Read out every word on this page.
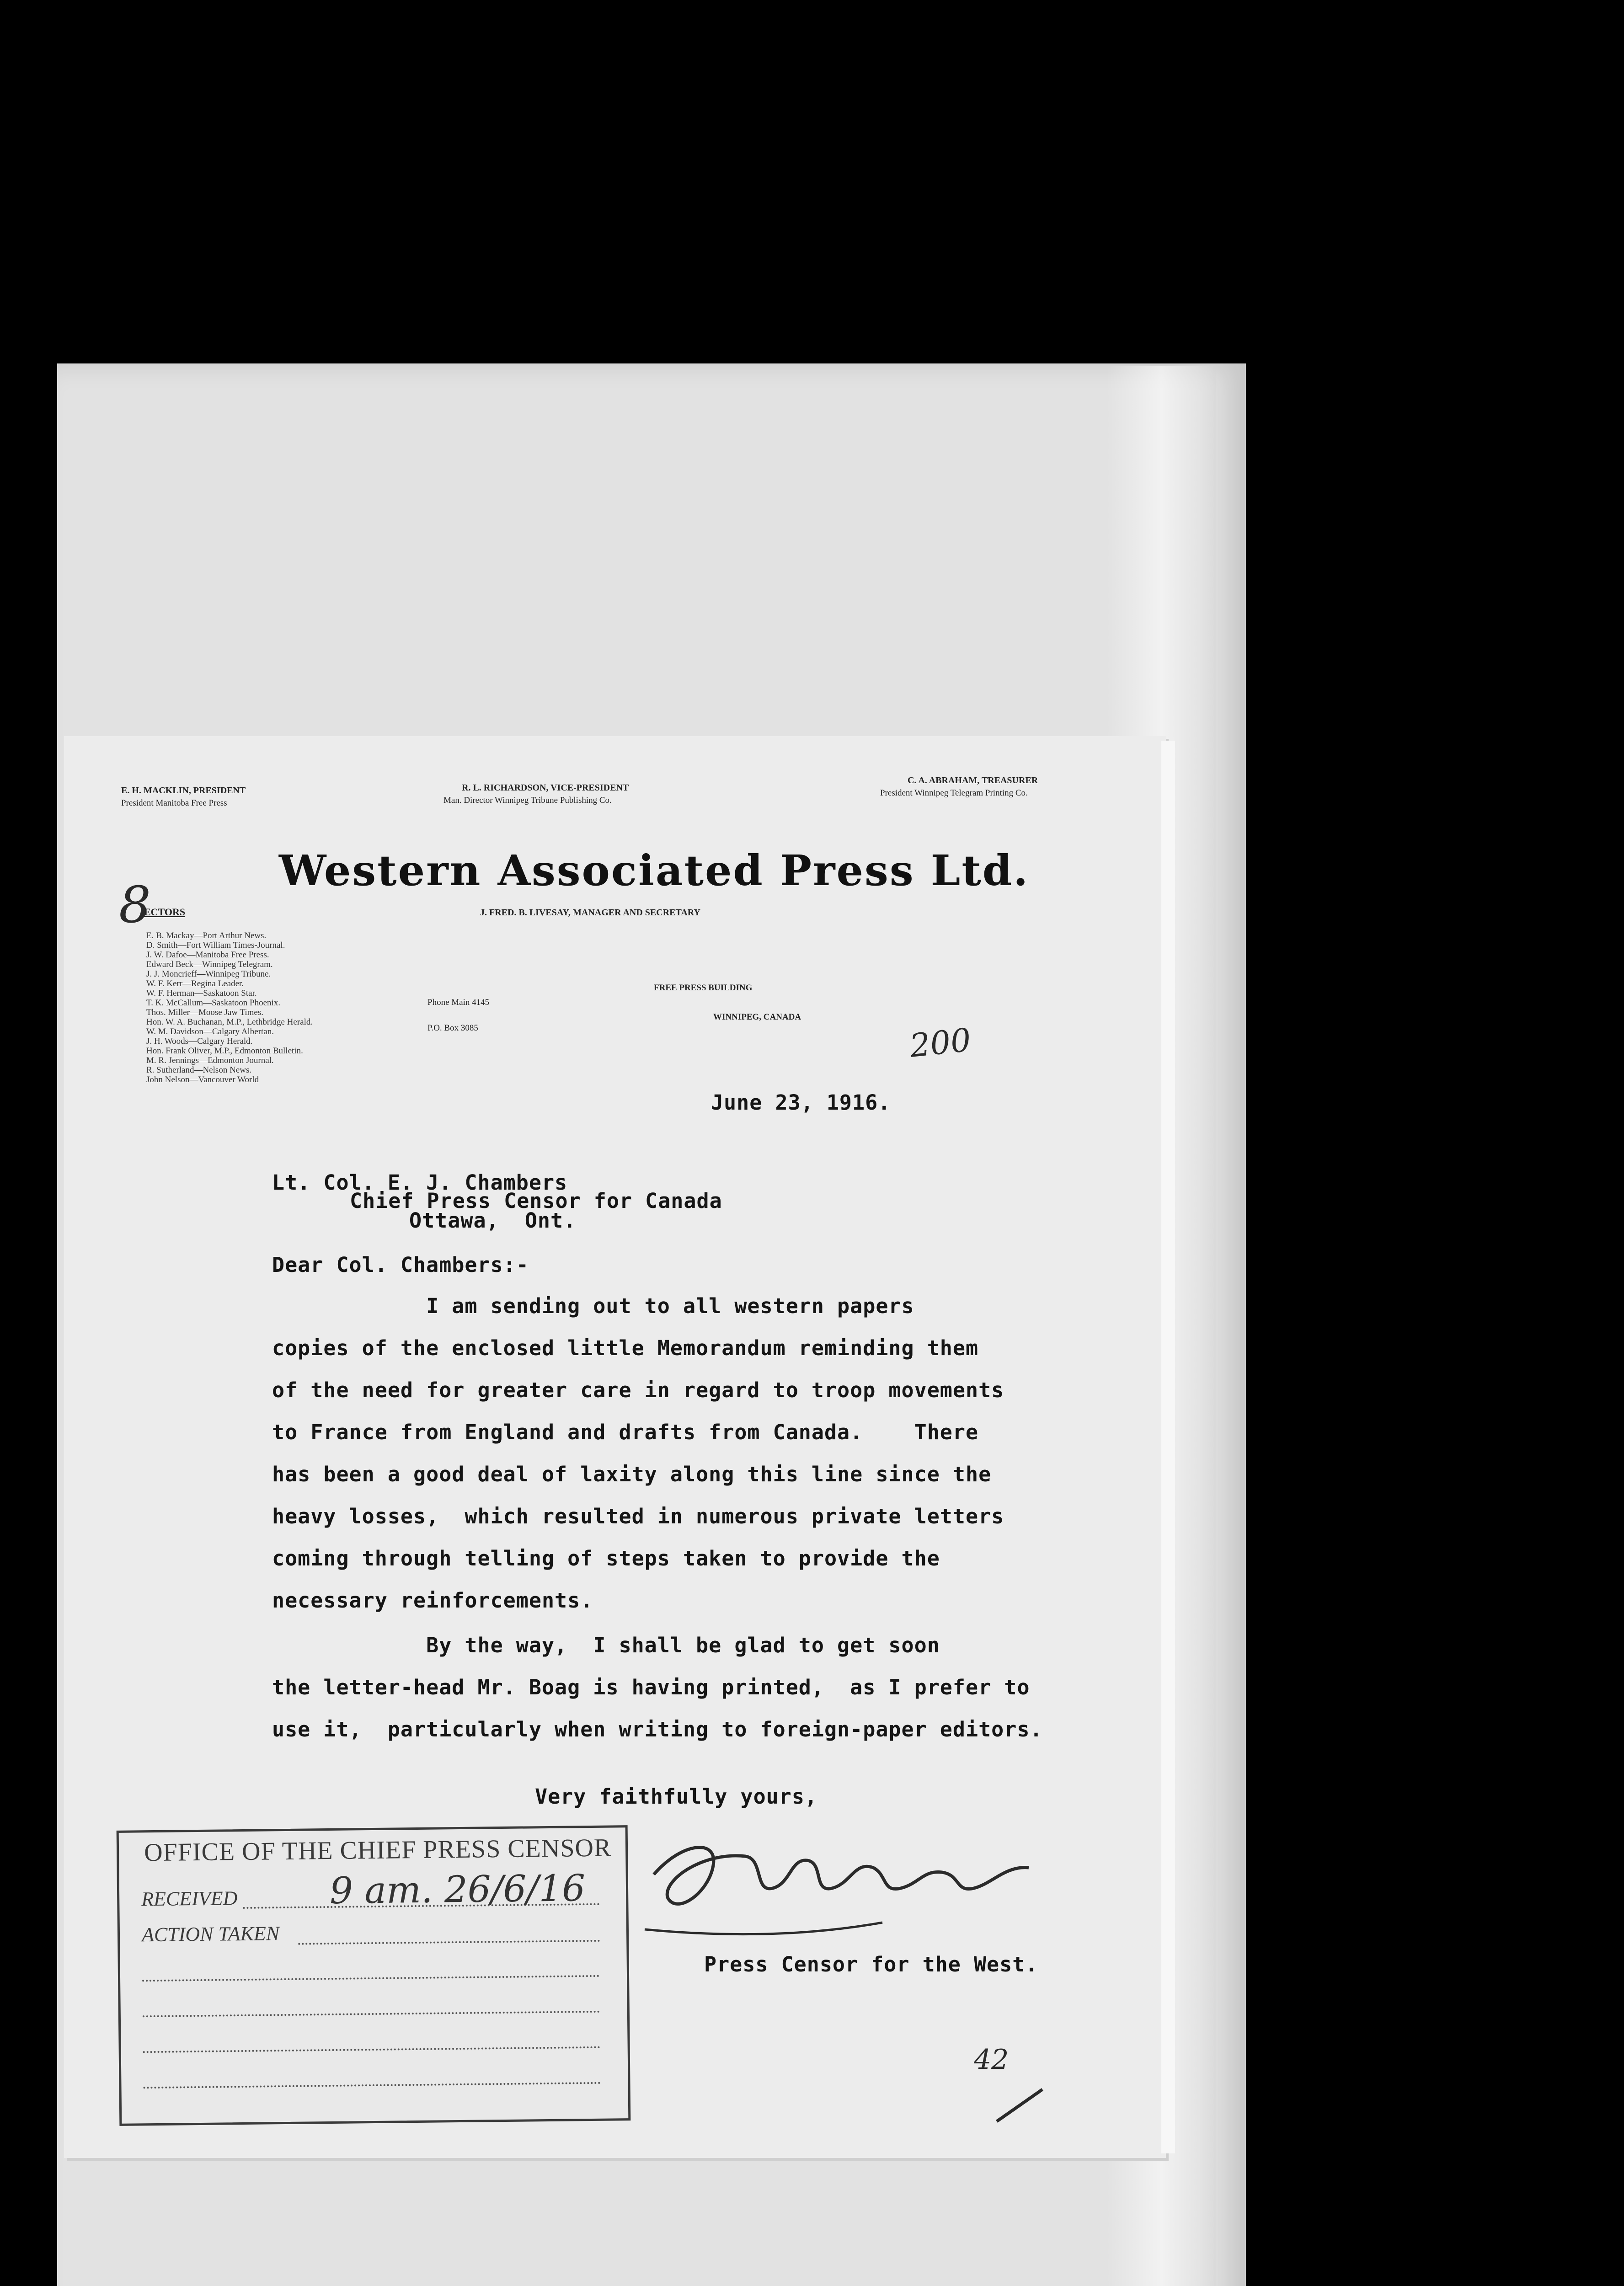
E. H. MACKLIN, PRESIDENT
President Manitoba Free Press
R. L. RICHARDSON, VICE-PRESIDENT
Man. Director Winnipeg Tribune Publishing Co.
C. A. ABRAHAM, TREASURER
President Winnipeg Telegram Printing Co.
Western Associated Press Ltd.
J. FRED. B. LIVESAY, MANAGER AND SECRETARY
8
ECTORS
E. B. Mackay—Port Arthur News.
D. Smith—Fort William Times-Journal.
J. W. Dafoe—Manitoba Free Press.
Edward Beck—Winnipeg Telegram.
J. J. Moncrieff—Winnipeg Tribune.
W. F. Kerr—Regina Leader.
W. F. Herman—Saskatoon Star.
T. K. McCallum—Saskatoon Phoenix.
Thos. Miller—Moose Jaw Times.
Hon. W. A. Buchanan, M.P., Lethbridge Herald.
W. M. Davidson—Calgary Albertan.
J. H. Woods—Calgary Herald.
Hon. Frank Oliver, M.P., Edmonton Bulletin.
M. R. Jennings—Edmonton Journal.
R. Sutherland—Nelson News.
John Nelson—Vancouver World
Phone Main 4145
P.O. Box 3085
FREE PRESS BUILDING
WINNIPEG, CANADA
200
June 23, 1916.
Lt. Col. E. J. Chambers
Chief Press Censor for Canada
Ottawa,  Ont.
Dear Col. Chambers:-
I am sending out to all western papers
copies of the enclosed little Memorandum reminding them
of the need for greater care in regard to troop movements
to France from England and drafts from Canada.    There
has been a good deal of laxity along this line since the
heavy losses,  which resulted in numerous private letters
coming through telling of steps taken to provide the
necessary reinforcements.
By the way,  I shall be glad to get soon
the letter-head Mr. Boag is having printed,  as I prefer to
use it,  particularly when writing to foreign-paper editors.
Very faithfully yours,
Press Censor for the West.
42
OFFICE OF THE CHIEF PRESS CENSOR
RECEIVED	9 am. 26/6/16
ACTION TAKEN
